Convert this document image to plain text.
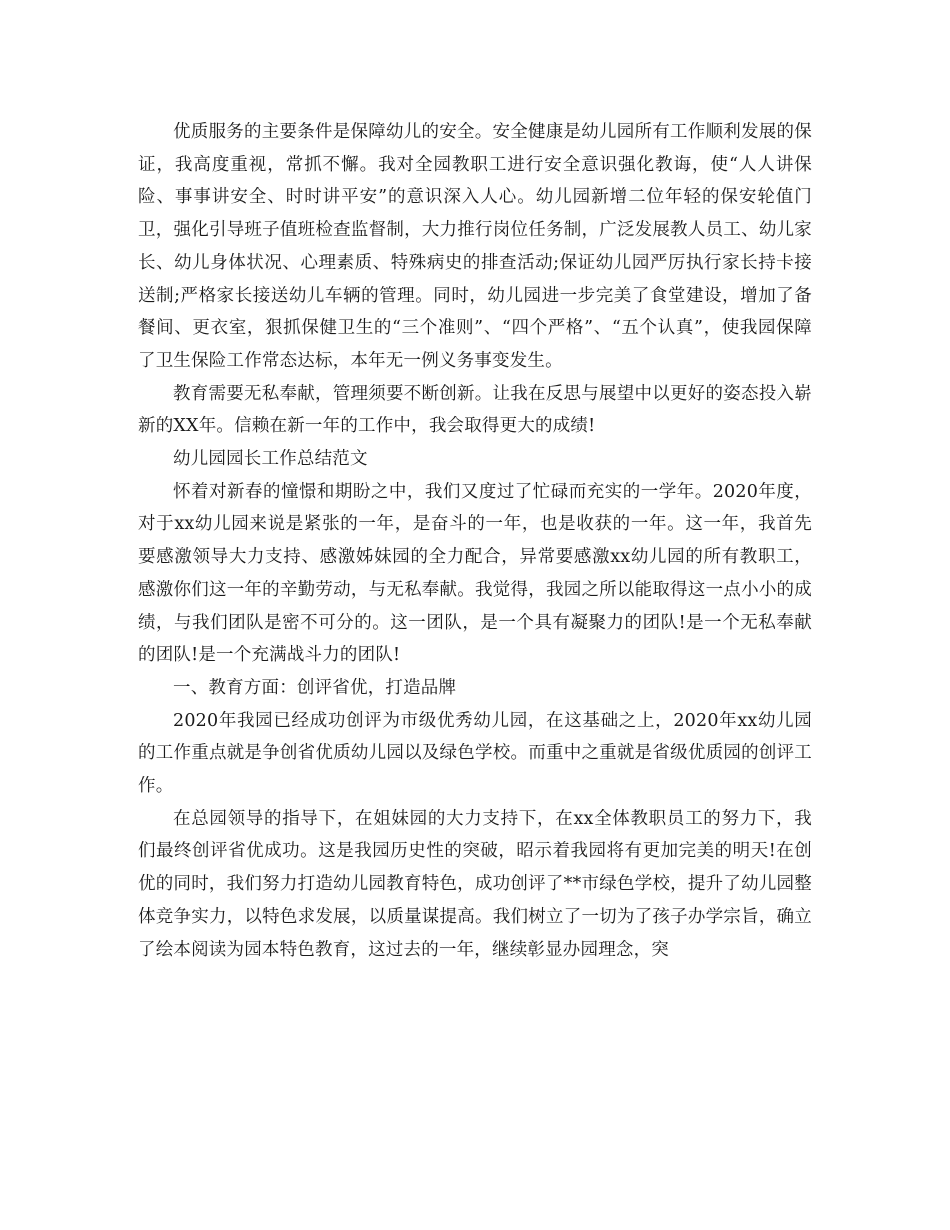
优质服务的主要条件是保障幼儿的安全。安全健康是幼儿园所有工作顺利发展的保证，我高度重视，常抓不懈。我对全园教职工进行安全意识强化教诲，使“人人讲保险、事事讲安全、时时讲平安”的意识深入人心。幼儿园新增二位年轻的保安轮值门卫，强化引导班子值班检查监督制，大力推行岗位任务制，广泛发展教人员工、幼儿家长、幼儿身体状况、心理素质、特殊病史的排查活动;保证幼儿园严厉执行家长持卡接送制;严格家长接送幼儿车辆的管理。同时，幼儿园进一步完美了食堂建设，增加了备餐间、更衣室，狠抓保健卫生的“三个准则”、“四个严格”、“五个认真”，使我园保障了卫生保险工作常态达标，本年无一例义务事变发生。

教育需要无私奉献，管理须要不断创新。让我在反思与展望中以更好的姿态投入崭新的XX年。信赖在新一年的工作中，我会取得更大的成绩!

幼儿园园长工作总结范文

怀着对新春的憧憬和期盼之中，我们又度过了忙碌而充实的一学年。2020年度，对于xx幼儿园来说是紧张的一年，是奋斗的一年，也是收获的一年。这一年，我首先要感激领导大力支持、感激姊妹园的全力配合，异常要感激xx幼儿园的所有教职工，感激你们这一年的辛勤劳动，与无私奉献。我觉得，我园之所以能取得这一点小小的成绩，与我们团队是密不可分的。这一团队，是一个具有凝聚力的团队!是一个无私奉献的团队!是一个充满战斗力的团队!

一、教育方面：创评省优，打造品牌

2020年我园已经成功创评为市级优秀幼儿园，在这基础之上，2020年xx幼儿园的工作重点就是争创省优质幼儿园以及绿色学校。而重中之重就是省级优质园的创评工作。

在总园领导的指导下，在姐妹园的大力支持下，在xx全体教职员工的努力下，我们最终创评省优成功。这是我园历史性的突破，昭示着我园将有更加完美的明天!在创优的同时，我们努力打造幼儿园教育特色，成功创评了**市绿色学校，提升了幼儿园整体竞争实力，以特色求发展，以质量谋提高。我们树立了一切为了孩子办学宗旨，确立了绘本阅读为园本特色教育，这过去的一年，继续彰显办园理念，突
